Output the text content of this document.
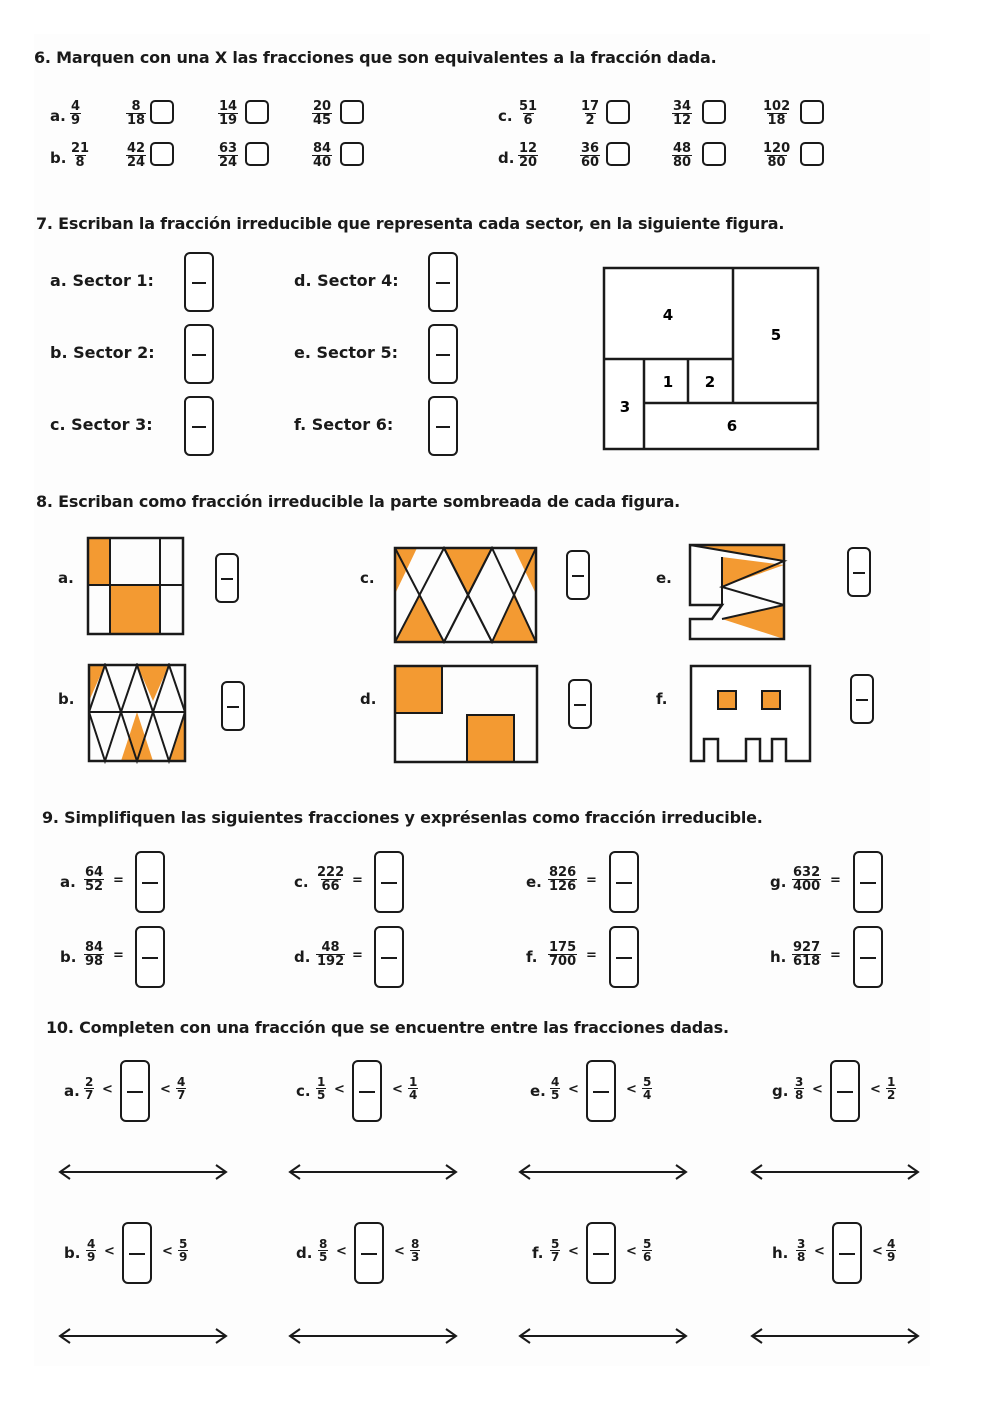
6. Marquen con una X las fracciones que son equivalentes a la fracción dada.
a. $\frac{4}{9}$	$\frac{8}{18}$	$\frac{14}{19}$	$\frac{20}{45}$
b. $\frac{21}{8}$	$\frac{42}{24}$	$\frac{63}{24}$	$\frac{84}{40}$
c. $\frac{51}{6}$	$\frac{17}{2}$	$\frac{34}{12}$	$\frac{102}{18}$
d. $\frac{12}{20}$	$\frac{36}{60}$	$\frac{48}{80}$	$\frac{120}{80}$
7. Escriban la fracción irreducible que representa cada sector, en la siguiente figura.
a. Sector 1:
b. Sector 2:
c. Sector 3:
d. Sector 4:
e. Sector 5:
f. Sector 6:
4
5
1 2
3
6
8. Escriban como fracción irreducible la parte sombreada de cada figura.
a.
b.
c.
d.
e.
f.
9. Simplifiquen las siguientes fracciones y exprésenlas como fracción irreducible.
a. $\frac{64}{52}$ =
b. $\frac{84}{98}$ =
c. $\frac{222}{66}$ =
d. $\frac{48}{192}$ =
e. $\frac{826}{126}$ =
f. $\frac{175}{700}$ =
g. $\frac{632}{400}$ =
h. $\frac{927}{618}$ =
10. Completen con una fracción que se encuentre entre las fracciones dadas.
a. $\frac{2}{7}$ <	< $\frac{4}{7}$	c. $\frac{1}{5}$ <	< $\frac{1}{4}$	e. $\frac{4}{5}$ <	< $\frac{5}{4}$	g. $\frac{3}{8}$ <	< $\frac{1}{2}$
b. $\frac{4}{9}$ <	< $\frac{5}{9}$	d. $\frac{8}{5}$ <	< $\frac{8}{3}$	f. $\frac{5}{7}$ <	< $\frac{5}{6}$	h. $\frac{3}{8}$ <	< $\frac{4}{9}$
